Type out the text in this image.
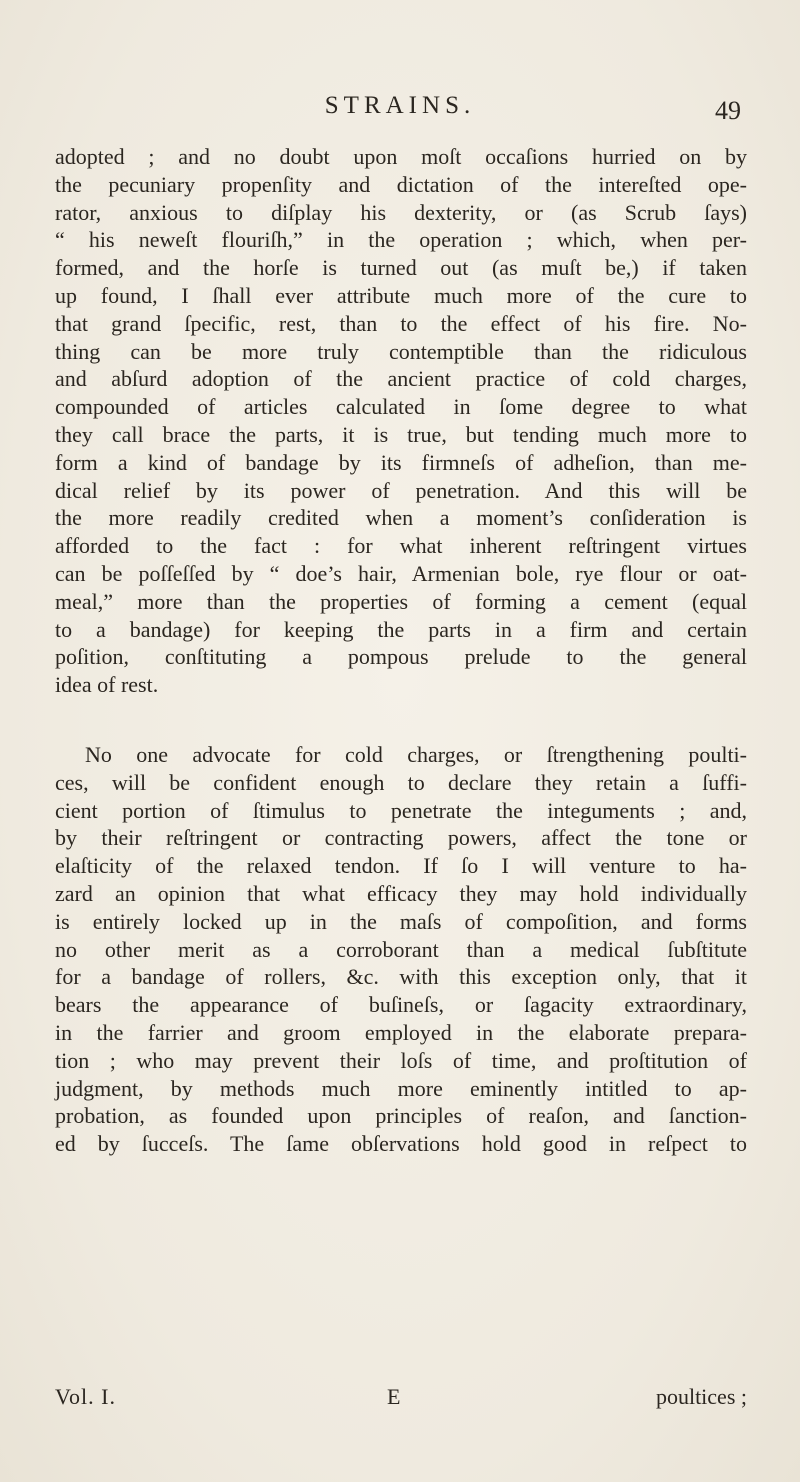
STRAINS.	49
adopted ; and no doubt upon moſt occaſions hurried on by
the pecuniary propenſity and dictation of the intereſted ope-
rator, anxious to diſplay his dexterity, or (as Scrub ſays)
“ his neweſt flouriſh,” in the operation ; which, when per-
formed, and the horſe is turned out (as muſt be,) if taken
up found, I ſhall ever attribute much more of the cure to
that grand ſpecific, rest, than to the effect of his fire. No-
thing can be more truly contemptible than the ridiculous
and abſurd adoption of the ancient practice of cold charges,
compounded of articles calculated in ſome degree to what
they call brace the parts, it is true, but tending much more to
form a kind of bandage by its firmneſs of adheſion, than me-
dical relief by its power of penetration. And this will be
the more readily credited when a moment’s conſideration is
afforded to the fact : for what inherent reſtringent virtues
can be poſſeſſed by “ doe’s hair, Armenian bole, rye flour or oat-
meal,” more than the properties of forming a cement (equal
to a bandage) for keeping the parts in a firm and certain
poſition, conſtituting a pompous prelude to the general
idea of rest.
No one advocate for cold charges, or ſtrengthening poulti-
ces, will be confident enough to declare they retain a ſuffi-
cient portion of ſtimulus to penetrate the integuments ; and,
by their reſtringent or contracting powers, affect the tone or
elaſticity of the relaxed tendon. If ſo I will venture to ha-
zard an opinion that what efficacy they may hold individually
is entirely locked up in the maſs of compoſition, and forms
no other merit as a corroborant than a medical ſubſtitute
for a bandage of rollers, &c. with this exception only, that it
bears the appearance of buſineſs, or ſagacity extraordinary,
in the farrier and groom employed in the elaborate prepara-
tion ; who may prevent their loſs of time, and proſtitution of
judgment, by methods much more eminently intitled to ap-
probation, as founded upon principles of reaſon, and ſanction-
ed by ſucceſs. The ſame obſervations hold good in reſpect to
Vol. I.	E	poultices ;
